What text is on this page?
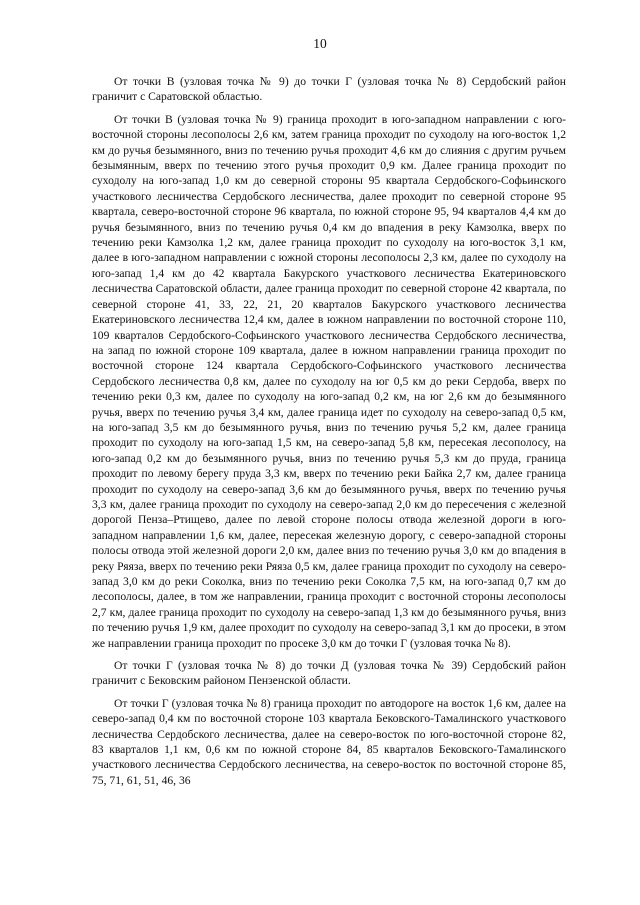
10

От точки В (узловая точка № 9) до точки Г (узловая точка № 8) Сердобский район граничит с Саратовской областью.

От точки В (узловая точка № 9) граница проходит в юго-западном направлении с юго-восточной стороны лесополосы 2,6 км, затем граница проходит по суходолу на юго-восток 1,2 км до ручья безымянного, вниз по течению ручья проходит 4,6 км до слияния с другим ручьем безымянным, вверх по течению этого ручья проходит 0,9 км. Далее граница проходит по суходолу на юго-запад 1,0 км до северной стороны 95 квартала Сердобского-Софьинского участкового лесничества Сердобского лесничества, далее проходит по северной стороне 95 квартала, северо-восточной стороне 96 квартала, по южной стороне 95, 94 кварталов 4,4 км до ручья безымянного, вниз по течению ручья 0,4 км до впадения в реку Камзолка, вверх по течению реки Камзолка 1,2 км, далее граница проходит по суходолу на юго-восток 3,1 км, далее в юго-западном направлении с южной стороны лесополосы 2,3 км, далее по суходолу на юго-запад 1,4 км до 42 квартала Бакурского участкового лесничества Екатериновского лесничества Саратовской области, далее граница проходит по северной стороне 42 квартала, по северной стороне 41, 33, 22, 21, 20 кварталов Бакурского участкового лесничества Екатериновского лесничества 12,4 км, далее в южном направлении по восточной стороне 110, 109 кварталов Сердобского-Софьинского участкового лесничества Сердобского лесничества, на запад по южной стороне 109 квартала, далее в южном направлении граница проходит по восточной стороне 124 квартала Сердобского-Софьинского участкового лесничества Сердобского лесничества 0,8 км, далее по суходолу на юг 0,5 км до реки Сердоба, вверх по течению реки 0,3 км, далее по суходолу на юго-запад 0,2 км, на юг 2,6 км до безымянного ручья, вверх по течению ручья 3,4 км, далее граница идет по суходолу на северо-запад 0,5 км, на юго-запад 3,5 км до безымянного ручья, вниз по течению ручья 5,2 км, далее граница проходит по суходолу на юго-запад 1,5 км, на северо-запад 5,8 км, пересекая лесополосу, на юго-запад 0,2 км до безымянного ручья, вниз по течению ручья 5,3 км до пруда, граница проходит по левому берегу пруда 3,3 км, вверх по течению реки Байка 2,7 км, далее граница проходит по суходолу на северо-запад 3,6 км до безымянного ручья, вверх по течению ручья 3,3 км, далее граница проходит по суходолу на северо-запад 2,0 км до пересечения с железной дорогой Пенза–Ртищево, далее по левой стороне полосы отвода железной дороги в юго-западном направлении 1,6 км, далее, пересекая железную дорогу, с северо-западной стороны полосы отвода этой железной дороги 2,0 км, далее вниз по течению ручья 3,0 км до впадения в реку Ряяза, вверх по течению реки Ряяза 0,5 км, далее граница проходит по суходолу на северо-запад 3,0 км до реки Соколка, вниз по течению реки Соколка 7,5 км, на юго-запад 0,7 км до лесополосы, далее, в том же направлении, граница проходит с восточной стороны лесополосы 2,7 км, далее граница проходит по суходолу на северо-запад 1,3 км до безымянного ручья, вниз по течению ручья 1,9 км, далее проходит по суходолу на северо-запад 3,1 км до просеки, в этом же направлении граница проходит по просеке 3,0 км до точки Г (узловая точка № 8).

От точки Г (узловая точка № 8) до точки Д (узловая точка № 39) Сердобский район граничит с Бековским районом Пензенской области.

От точки Г (узловая точка № 8) граница проходит по автодороге на восток 1,6 км, далее на северо-запад 0,4 км по восточной стороне 103 квартала Бековского-Тамалинского участкового лесничества Сердобского лесничества, далее на северо-восток по юго-восточной стороне 82, 83 кварталов 1,1 км, 0,6 км по южной стороне 84, 85 кварталов Бековского-Тамалинского участкового лесничества Сердобского лесничества, на северо-восток по восточной стороне 85, 75, 71, 61, 51, 46, 36
